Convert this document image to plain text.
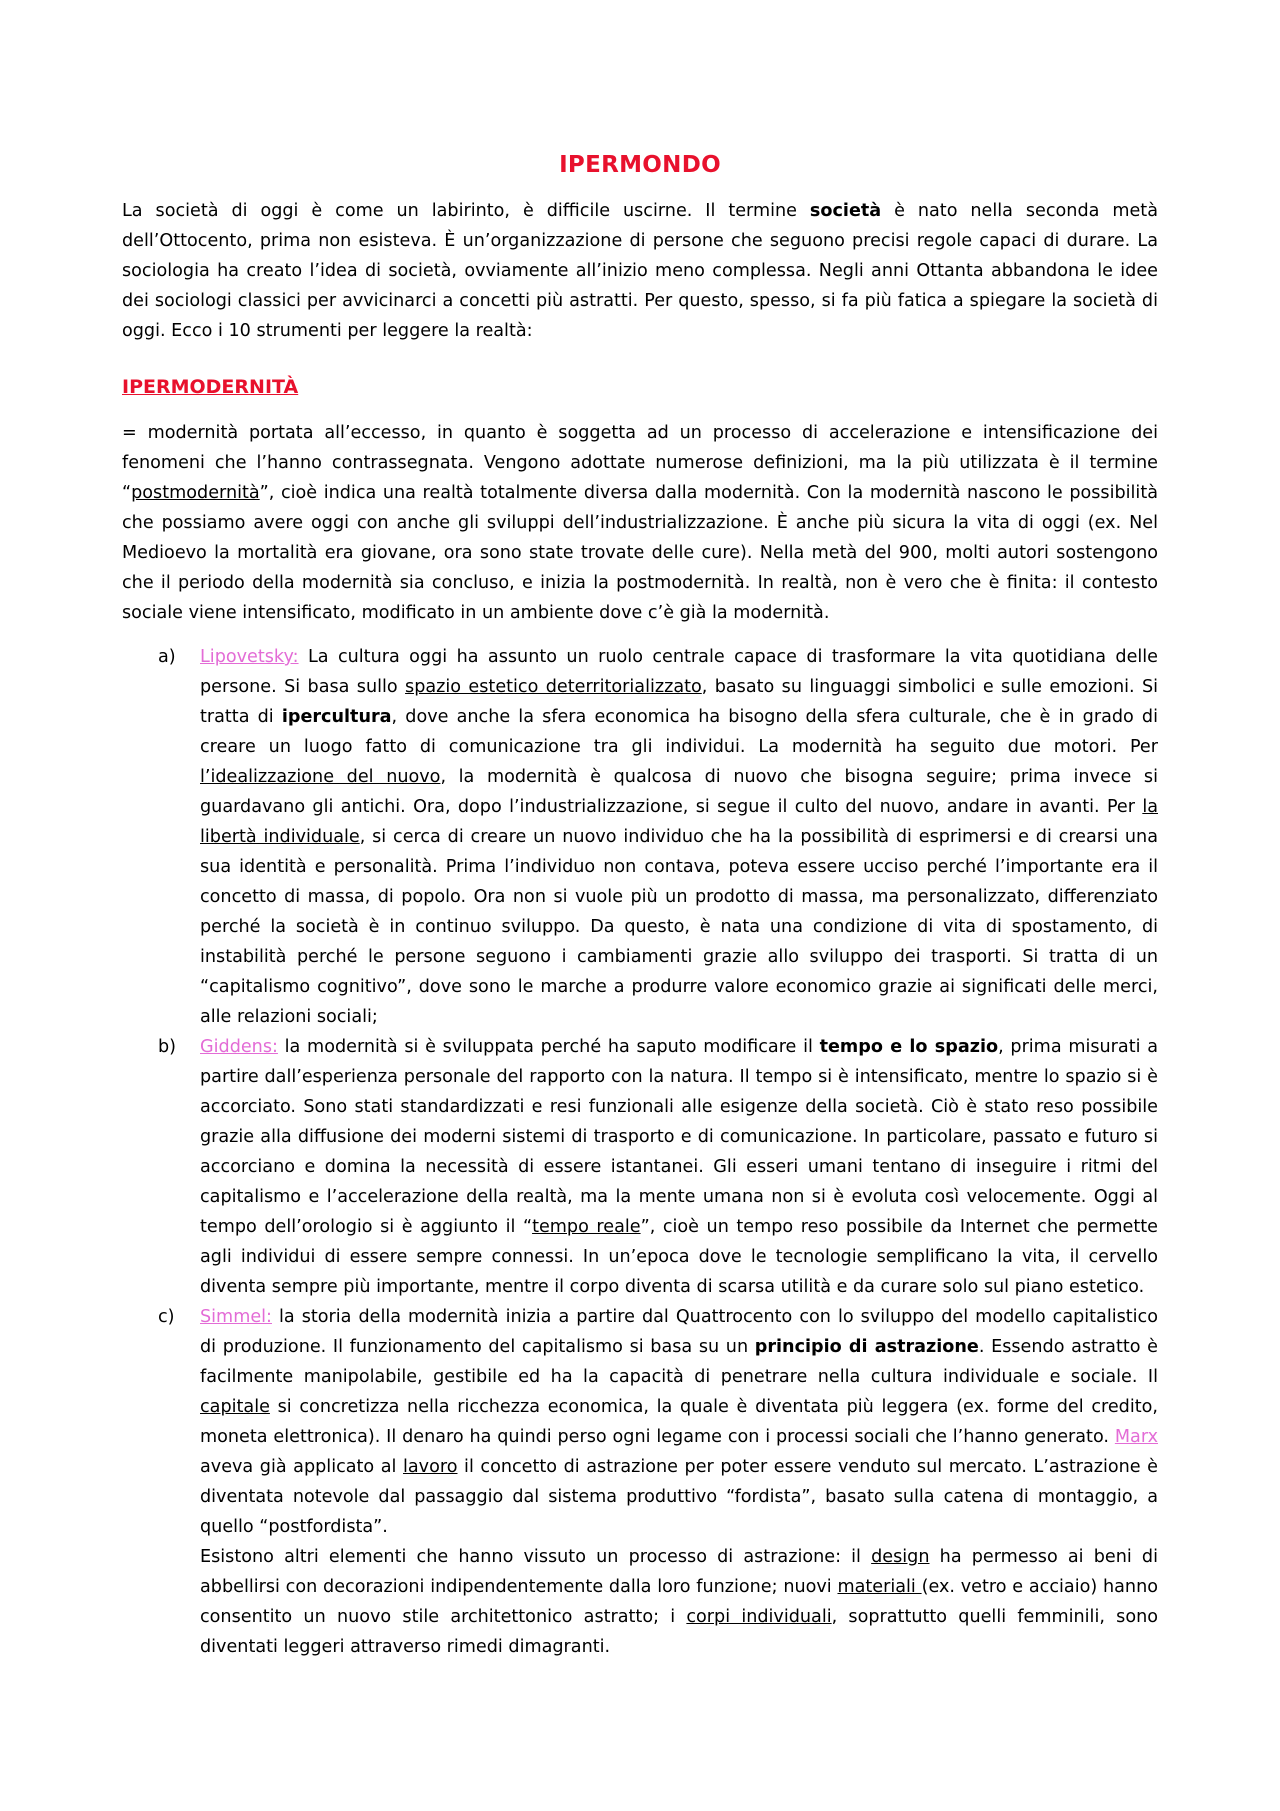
IPERMONDO

La società di oggi è come un labirinto, è difficile uscirne. Il termine società è nato nella seconda metà dell’Ottocento, prima non esisteva. È un’organizzazione di persone che seguono precisi regole capaci di durare. La sociologia ha creato l’idea di società, ovviamente all’inizio meno complessa. Negli anni Ottanta abbandona le idee dei sociologi classici per avvicinarci a concetti più astratti. Per questo, spesso, si fa più fatica a spiegare la società di oggi. Ecco i 10 strumenti per leggere la realtà:

IPERMODERNITÀ

= modernità portata all’eccesso, in quanto è soggetta ad un processo di accelerazione e intensificazione dei fenomeni che l’hanno contrassegnata. Vengono adottate numerose definizioni, ma la più utilizzata è il termine “postmodernità”, cioè indica una realtà totalmente diversa dalla modernità. Con la modernità nascono le possibilità che possiamo avere oggi con anche gli sviluppi dell’industrializzazione. È anche più sicura la vita di oggi (ex. Nel Medioevo la mortalità era giovane, ora sono state trovate delle cure). Nella metà del 900, molti autori sostengono che il periodo della modernità sia concluso, e inizia la postmodernità. In realtà, non è vero che è finita: il contesto sociale viene intensificato, modificato in un ambiente dove c’è già la modernità.

a) Lipovetsky: La cultura oggi ha assunto un ruolo centrale capace di trasformare la vita quotidiana delle persone. Si basa sullo spazio estetico deterritorializzato, basato su linguaggi simbolici e sulle emozioni. Si tratta di ipercultura, dove anche la sfera economica ha bisogno della sfera culturale, che è in grado di creare un luogo fatto di comunicazione tra gli individui. La modernità ha seguito due motori. Per l’idealizzazione del nuovo, la modernità è qualcosa di nuovo che bisogna seguire; prima invece si guardavano gli antichi. Ora, dopo l’industrializzazione, si segue il culto del nuovo, andare in avanti. Per la libertà individuale, si cerca di creare un nuovo individuo che ha la possibilità di esprimersi e di crearsi una sua identità e personalità. Prima l’individuo non contava, poteva essere ucciso perché l’importante era il concetto di massa, di popolo. Ora non si vuole più un prodotto di massa, ma personalizzato, differenziato perché la società è in continuo sviluppo. Da questo, è nata una condizione di vita di spostamento, di instabilità perché le persone seguono i cambiamenti grazie allo sviluppo dei trasporti. Si tratta di un “capitalismo cognitivo”, dove sono le marche a produrre valore economico grazie ai significati delle merci, alle relazioni sociali;
b) Giddens: la modernità si è sviluppata perché ha saputo modificare il tempo e lo spazio, prima misurati a partire dall’esperienza personale del rapporto con la natura. Il tempo si è intensificato, mentre lo spazio si è accorciato. Sono stati standardizzati e resi funzionali alle esigenze della società. Ciò è stato reso possibile grazie alla diffusione dei moderni sistemi di trasporto e di comunicazione. In particolare, passato e futuro si accorciano e domina la necessità di essere istantanei. Gli esseri umani tentano di inseguire i ritmi del capitalismo e l’accelerazione della realtà, ma la mente umana non si è evoluta così velocemente. Oggi al tempo dell’orologio si è aggiunto il “tempo reale”, cioè un tempo reso possibile da Internet che permette agli individui di essere sempre connessi. In un’epoca dove le tecnologie semplificano la vita, il cervello diventa sempre più importante, mentre il corpo diventa di scarsa utilità e da curare solo sul piano estetico.
c) Simmel: la storia della modernità inizia a partire dal Quattrocento con lo sviluppo del modello capitalistico di produzione. Il funzionamento del capitalismo si basa su un principio di astrazione. Essendo astratto è facilmente manipolabile, gestibile ed ha la capacità di penetrare nella cultura individuale e sociale. Il capitale si concretizza nella ricchezza economica, la quale è diventata più leggera (ex. forme del credito, moneta elettronica). Il denaro ha quindi perso ogni legame con i processi sociali che l’hanno generato. Marx aveva già applicato al lavoro il concetto di astrazione per poter essere venduto sul mercato. L’astrazione è diventata notevole dal passaggio dal sistema produttivo “fordista”, basato sulla catena di montaggio, a quello “postfordista”.
Esistono altri elementi che hanno vissuto un processo di astrazione: il design ha permesso ai beni di abbellirsi con decorazioni indipendentemente dalla loro funzione; nuovi materiali (ex. vetro e acciaio) hanno consentito un nuovo stile architettonico astratto; i corpi individuali, soprattutto quelli femminili, sono diventati leggeri attraverso rimedi dimagranti.
